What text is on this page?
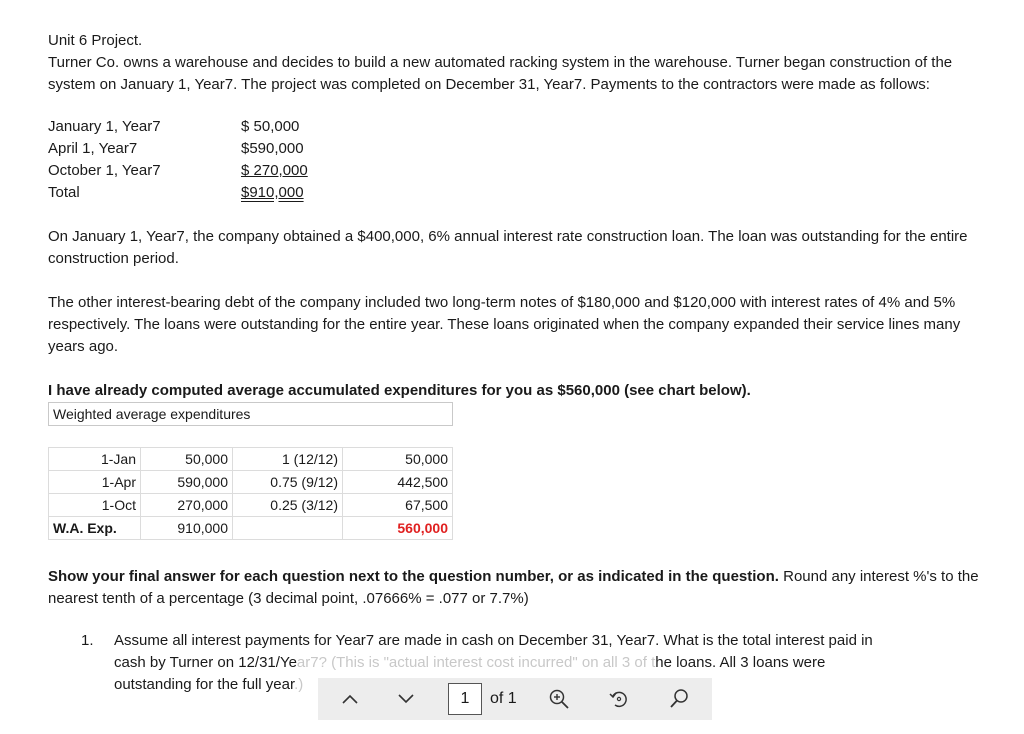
Unit 6 Project.
Turner Co. owns a warehouse and decides to build a new automated racking system in the warehouse. Turner began construction of the system on January 1, Year7. The project was completed on December 31, Year7. Payments to the contractors were made as follows:
January 1, Year7	$ 50,000
April 1, Year7	$590,000
October 1, Year7	$ 270,000
Total	$910,000
On January 1, Year7, the company obtained a $400,000, 6% annual interest rate construction loan. The loan was outstanding for the entire construction period.
The other interest-bearing debt of the company included two long-term notes of $180,000 and $120,000 with interest rates of 4% and 5% respectively. The loans were outstanding for the entire year. These loans originated when the company expanded their service lines many years ago.
I have already computed average accumulated expenditures for you as $560,000 (see chart below).
Weighted average expenditures				

1-Jan	50,000	1 (12/12)	50,000	
1-Apr	590,000	0.75 (9/12)	442,500	
1-Oct	270,000	0.25 (3/12)	67,500	
W.A. Exp.	910,000		560,000	
Show your final answer for each question next to the question number, or as indicated in the question. Round any interest %'s to the nearest tenth of a percentage (3 decimal point, .07666% = .077 or 7.7%)
1.	Assume all interest payments for Year7 are made in cash on December 31, Year7. What is the total interest paid in
cash by Turner on 12/31/Year7? (This is "actual interest cost incurred" on all 3 of the loans. All 3 loans were
outstanding for the full year.)
1	of 1
